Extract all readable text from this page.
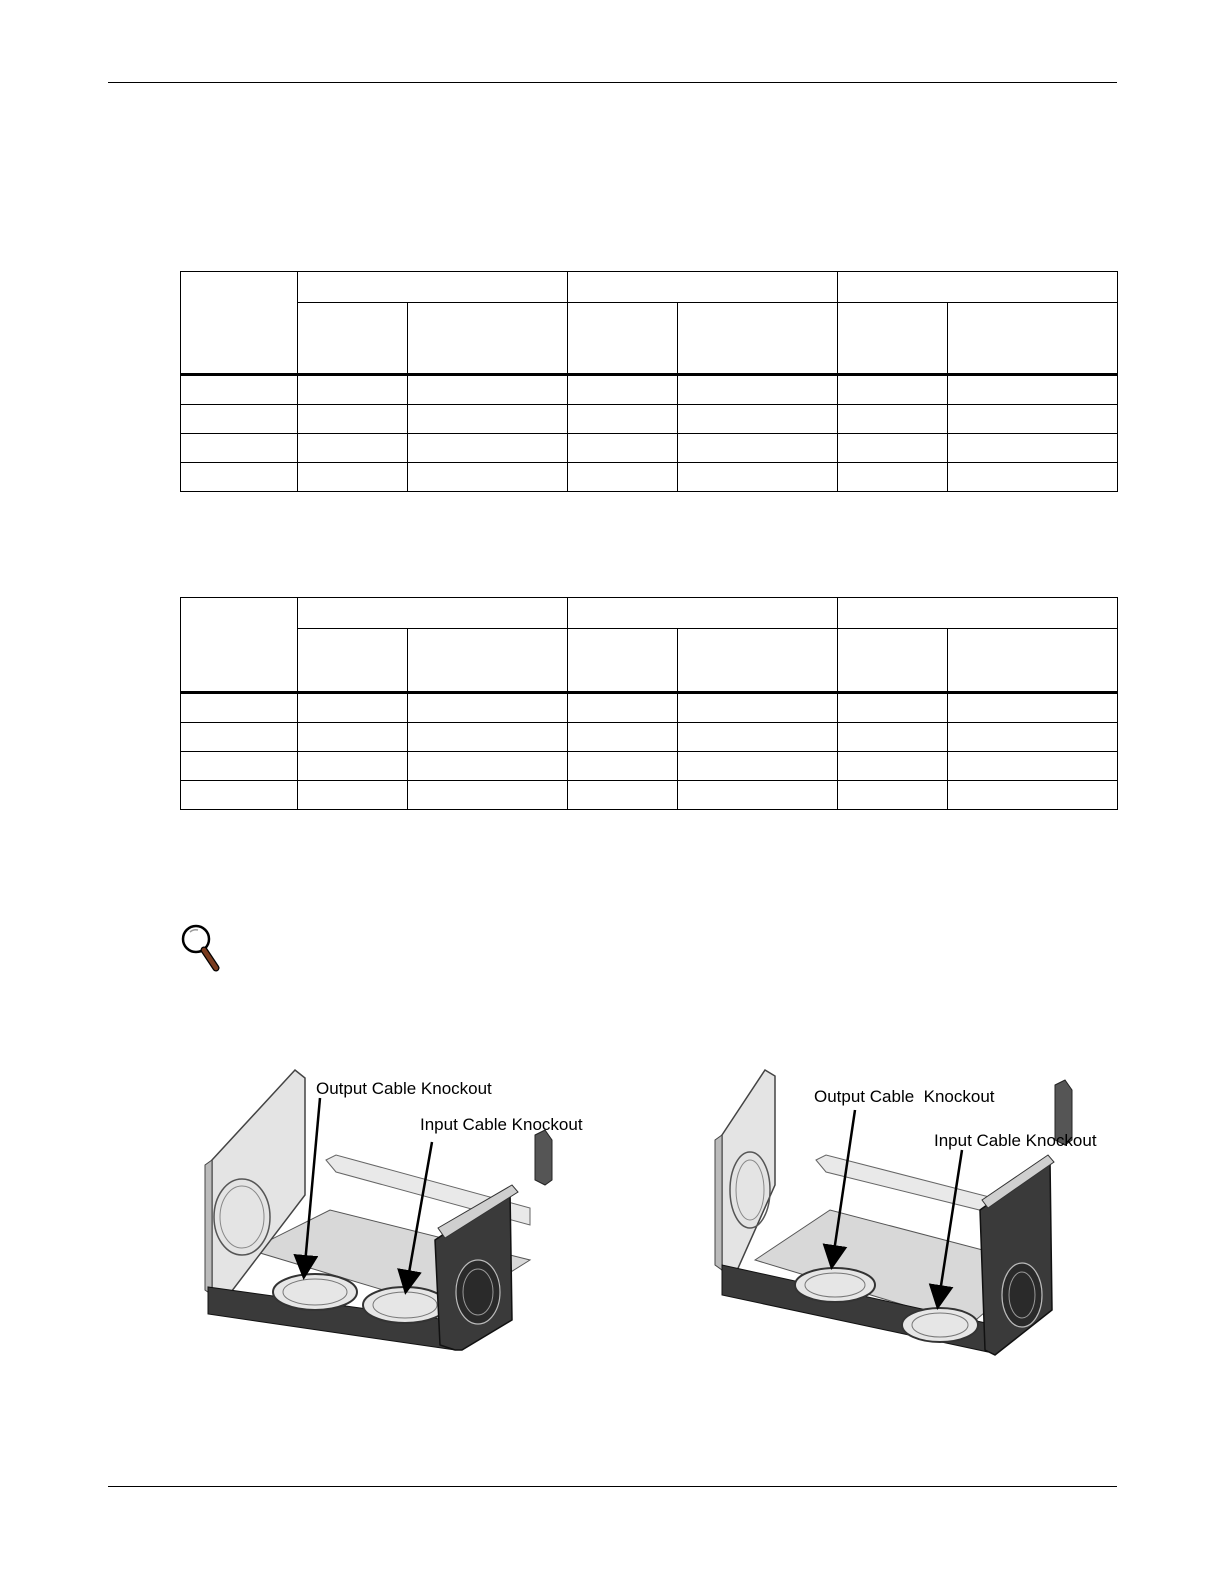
Output Cable Knockout
Input Cable Knockout
Output Cable  Knockout
Input Cable Knockout
